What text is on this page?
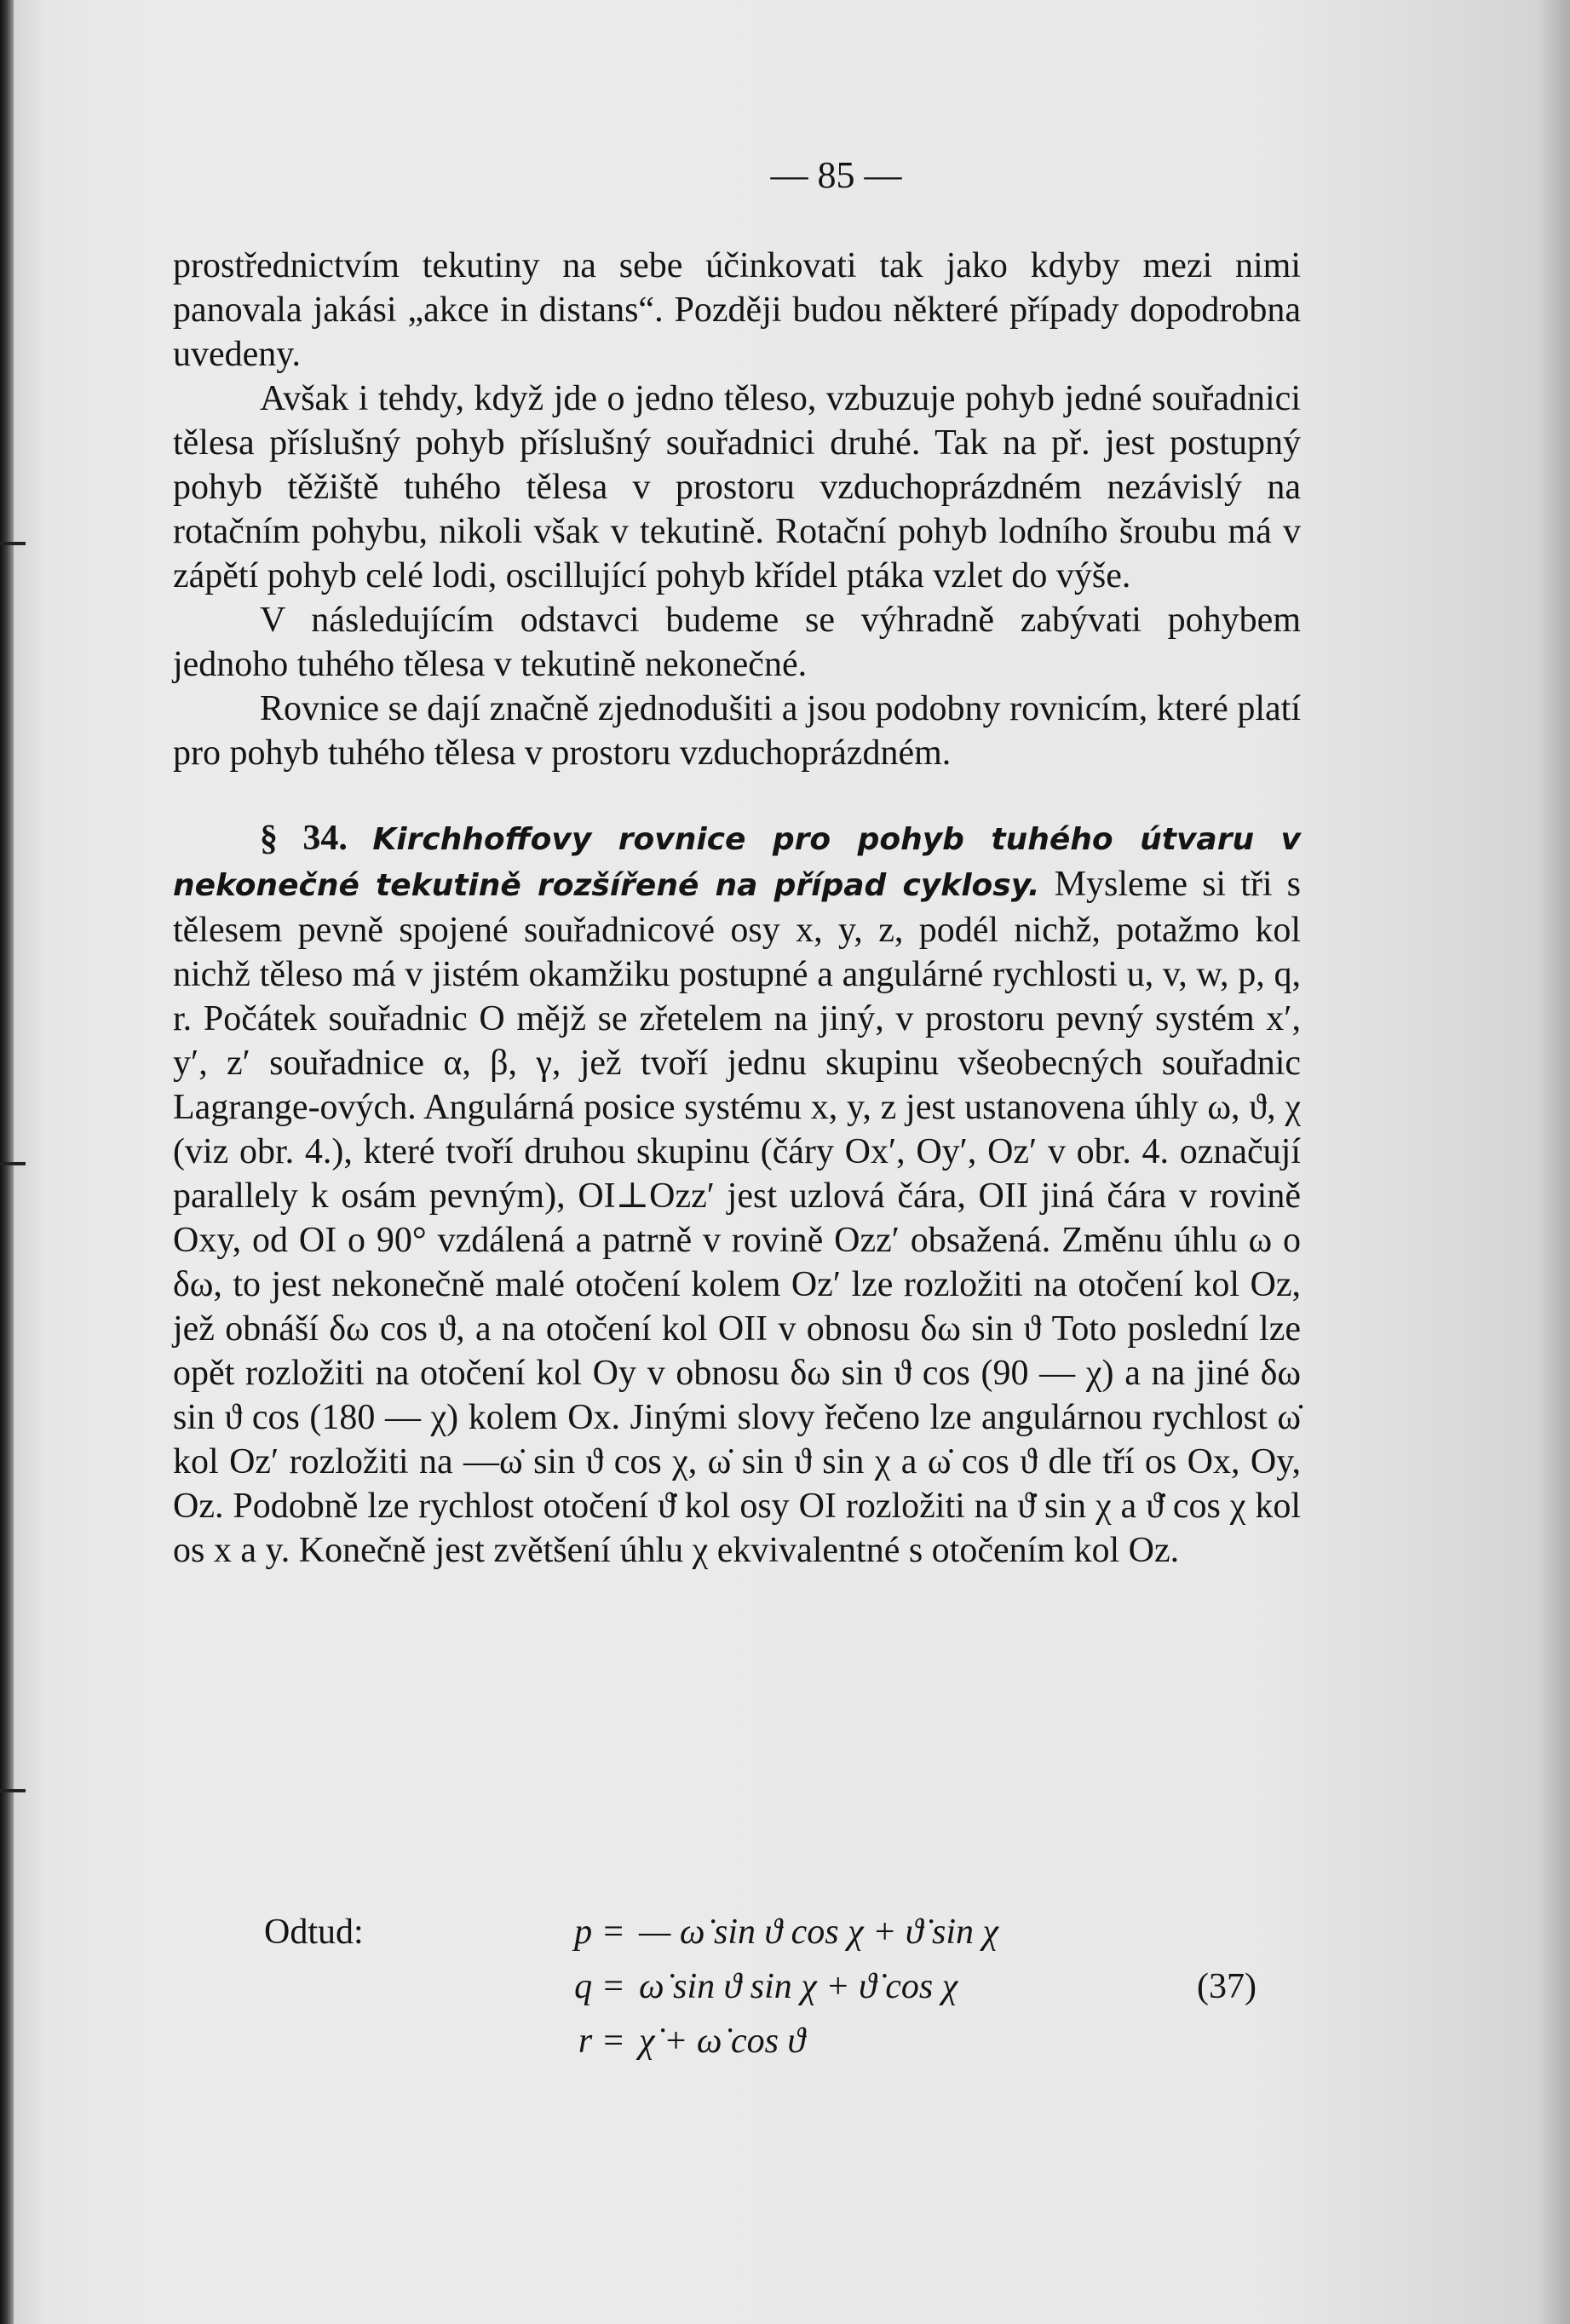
— 85 —

prostřednictvím tekutiny na sebe účinkovati tak jako kdyby mezi nimi panovala jakási „akce in distans“. Později budou některé případy dopodrobna uvedeny.

Avšak i tehdy, když jde o jedno těleso, vzbuzuje pohyb jedné souřadnici tělesa příslušný pohyb příslušný souřadnici druhé. Tak na př. jest postupný pohyb těžiště tuhého tělesa v prostoru vzduchoprázdném nezávislý na rotačním pohybu, nikoli však v tekutině. Rotační pohyb lodního šroubu má v zápětí pohyb celé lodi, oscillující pohyb křídel ptáka vzlet do výše.

V následujícím odstavci budeme se výhradně zabývati pohybem jednoho tuhého tělesa v tekutině nekonečné.

Rovnice se dají značně zjednodušiti a jsou podobny rovnicím, které platí pro pohyb tuhého tělesa v prostoru vzduchoprázdném.

§ 34. Kirchhoffovy rovnice pro pohyb tuhého útvaru v nekonečné tekutině rozšířené na případ cyklosy. Mysleme si tři s tělesem pevně spojené souřadnicové osy x, y, z, podél nichž, potažmo kol nichž těleso má v jistém okamžiku postupné a angulárné rychlosti u, v, w, p, q, r. Počátek souřadnic O mějž se zřetelem na jiný, v prostoru pevný systém x′, y′, z′ souřadnice α, β, γ, jež tvoří jednu skupinu všeobecných souřadnic Lagrange-ových. Angulárná posice systému x, y, z jest ustanovena úhly ω, ϑ, χ (viz obr. 4.), které tvoří druhou skupinu (čáry Ox′, Oy′, Oz′ v obr. 4. označují parallely k osám pevným), OI⊥Ozz′ jest uzlová čára, OII jiná čára v rovině Oxy, od OI o 90° vzdálená a patrně v rovině Ozz′ obsažená. Změnu úhlu ω o δω, to jest nekonečně malé otočení kolem Oz′ lze rozložiti na otočení kol Oz, jež obnáší δω cos ϑ, a na otočení kol OII v obnosu δω sin ϑ Toto poslední lze opět rozložiti na otočení kol Oy v obnosu δω sin ϑ cos (90 — χ) a na jiné δω sin ϑ cos (180 — χ) kolem Ox. Jinými slovy řečeno lze angulárnou rychlost ω̇ kol Oz′ rozložiti na —ω̇ sin ϑ cos χ, ω̇ sin ϑ sin χ a ω̇ cos ϑ dle tří os Ox, Oy, Oz. Podobně lze rychlost otočení ϑ̇ kol osy OI rozložiti na ϑ̇ sin χ a ϑ̇ cos χ kol os x a y. Konečně jest zvětšení úhlu χ ekvivalentné s otočením kol Oz.

Odtud:	p = — ω̇ sin ϑ cos χ + ϑ̇ sin χ
q = ω̇ sin ϑ sin χ + ϑ̇ cos χ	(37)
r = χ̇ + ω̇ cos ϑ
